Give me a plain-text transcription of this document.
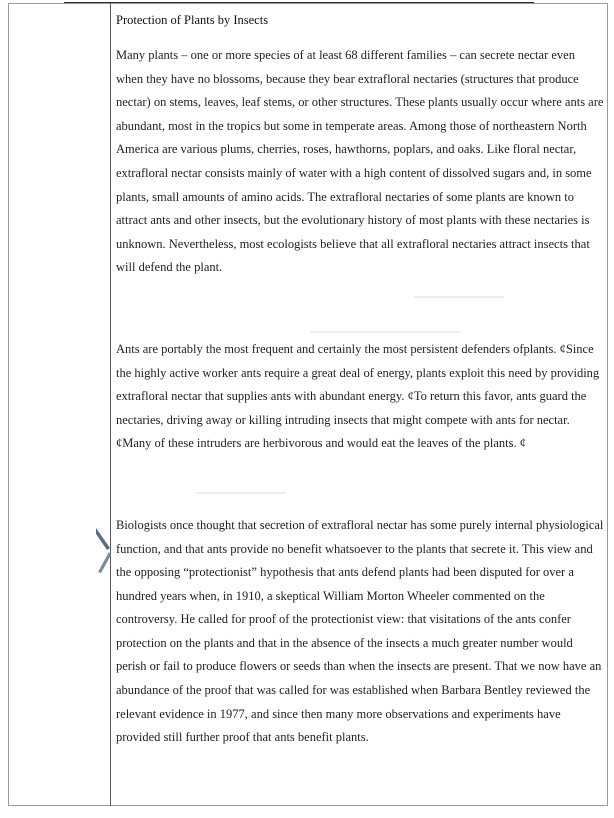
Protection of Plants by Insects

Many plants – one or more species of at least 68 different families – can secrete nectar even when they have no blossoms, because they bear extrafloral nectaries (structures that produce nectar) on stems, leaves, leaf stems, or other structures. These plants usually occur where ants are abundant, most in the tropics but some in temperate areas. Among those of northeastern North America are various plums, cherries, roses, hawthorns, poplars, and oaks. Like floral nectar, extrafloral nectar consists mainly of water with a high content of dissolved sugars and, in some plants, small amounts of amino acids. The extrafloral nectaries of some plants are known to attract ants and other insects, but the evolutionary history of most plants with these nectaries is unknown. Nevertheless, most ecologists believe that all extrafloral nectaries attract insects that will defend the plant.

Ants are portably the most frequent and certainly the most persistent defenders ofplants. ¢Since the highly active worker ants require a great deal of energy, plants exploit this need by providing extrafloral nectar that supplies ants with abundant energy. ¢To return this favor, ants guard the nectaries, driving away or killing intruding insects that might compete with ants for nectar. ¢Many of these intruders are herbivorous and would eat the leaves of the plants. ¢

Biologists once thought that secretion of extrafloral nectar has some purely internal physiological function, and that ants provide no benefit whatsoever to the plants that secrete it. This view and the opposing “protectionist” hypothesis that ants defend plants had been disputed for over a hundred years when, in 1910, a skeptical William Morton Wheeler commented on the controversy. He called for proof of the protectionist view: that visitations of the ants confer protection on the plants and that in the absence of the insects a much greater number would perish or fail to produce flowers or seeds than when the insects are present. That we now have an abundance of the proof that was called for was established when Barbara Bentley reviewed the relevant evidence in 1977, and since then many more observations and experiments have provided still further proof that ants benefit plants.
